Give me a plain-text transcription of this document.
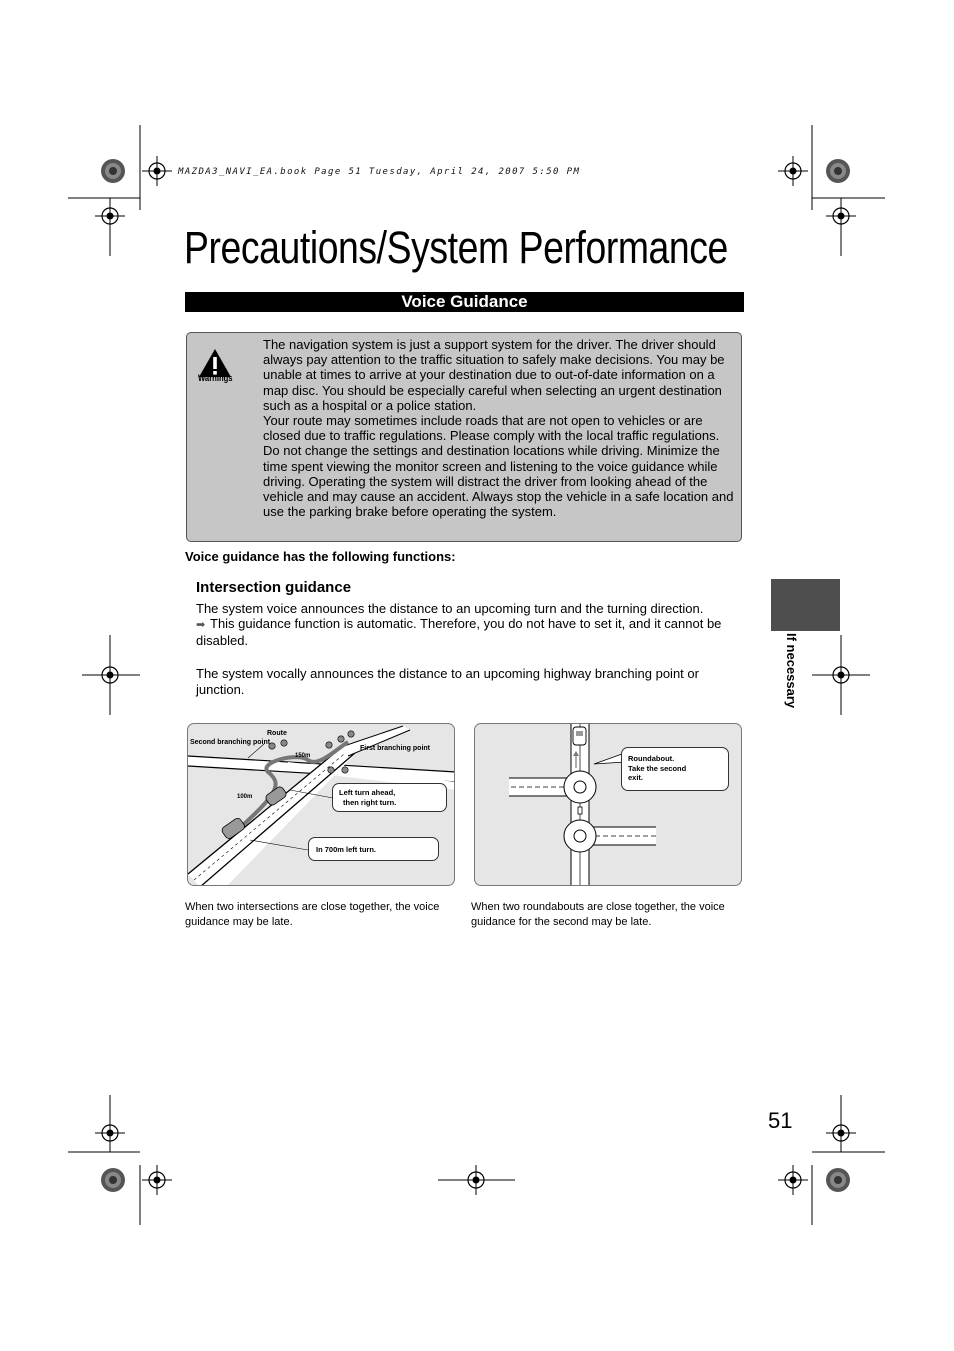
MAZDA3_NAVI_EA.book Page 51 Tuesday, April 24, 2007 5:50 PM
Precautions/System Performance
Voice Guidance
Warnings

The navigation system is just a support system for the driver. The driver should always pay attention to the traffic situation to safely make decisions. You may be unable at times to arrive at your destination due to out-of-date information on a map disc. You should be especially careful when selecting an urgent destination such as a hospital or a police station.

Your route may sometimes include roads that are not open to vehicles or are closed due to traffic regulations. Please comply with the local traffic regulations.

Do not change the settings and destination locations while driving. Minimize the time spent viewing the monitor screen and listening to the voice guidance while driving. Operating the system will distract the driver from looking ahead of the vehicle and may cause an accident. Always stop the vehicle in a safe location and use the parking brake before operating the system.

Voice guidance has the following functions:
Intersection guidance
The system voice announces the distance to an upcoming turn and the turning direction.
➡ This guidance function is automatic. Therefore, you do not have to set it, and it cannot be disabled.
The system vocally announces the distance to an upcoming highway branching point or junction.	If necessary
Route
Second branching point
First branching point
150m
100m	Left turn ahead,
then right turn.
In 700m left turn.
Roundabout.
Take the second
exit.
When two intersections are close together, the voice guidance may be late.
When two roundabouts are close together, the voice guidance for the second may be late.
51
